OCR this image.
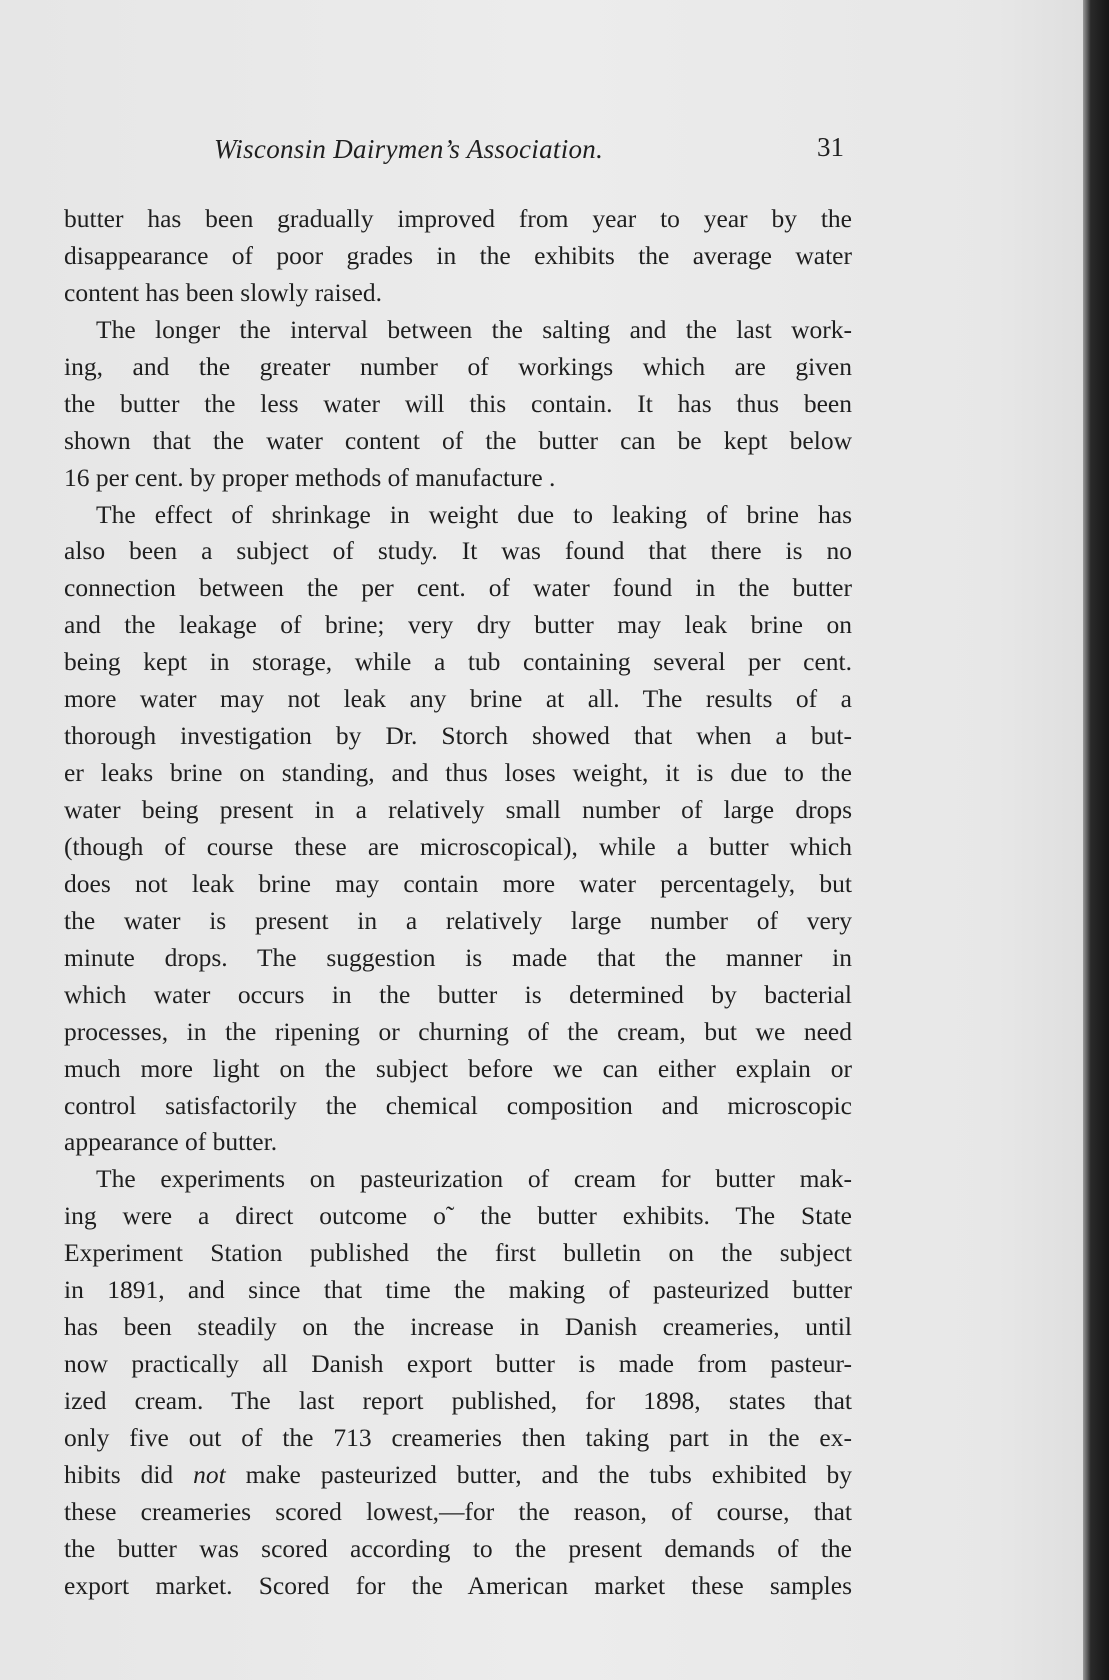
Wisconsin Dairymen’s Association.	31
butter has been gradually improved from year to year by the
disappearance of poor grades in the exhibits the average water
content has been slowly raised.
The longer the interval between the salting and the last work-
ing, and the greater number of workings which are given
the butter the less water will this contain. It has thus been
shown that the water content of the butter can be kept below
16 per cent. by proper methods of manufacture .
The effect of shrinkage in weight due to leaking of brine has
also been a subject of study. It was found that there is no
connection between the per cent. of water found in the butter
and the leakage of brine; very dry butter may leak brine on
being kept in storage, while a tub containing several per cent.
more water may not leak any brine at all. The results of a
thorough investigation by Dr. Storch showed that when a but-
er leaks brine on standing, and thus loses weight, it is due to the
water being present in a relatively small number of large drops
(though of course these are microscopical), while a butter which
does not leak brine may contain more water percentagely, but
the water is present in a relatively large number of very
minute drops. The suggestion is made that the manner in
which water occurs in the butter is determined by bacterial
processes, in the ripening or churning of the cream, but we need
much more light on the subject before we can either explain or
control satisfactorily the chemical composition and microscopic
appearance of butter.
The experiments on pasteurization of cream for butter mak-
ing were a direct outcome o˜ the butter exhibits. The State
Experiment Station published the first bulletin on the subject
in 1891, and since that time the making of pasteurized butter
has been steadily on the increase in Danish creameries, until
now practically all Danish export butter is made from pasteur-
ized cream. The last report published, for 1898, states that
only five out of the 713 creameries then taking part in the ex-
hibits did not make pasteurized butter, and the tubs exhibited by
these creameries scored lowest,—for the reason, of course, that
the butter was scored according to the present demands of the
export market. Scored for the American market these samples
